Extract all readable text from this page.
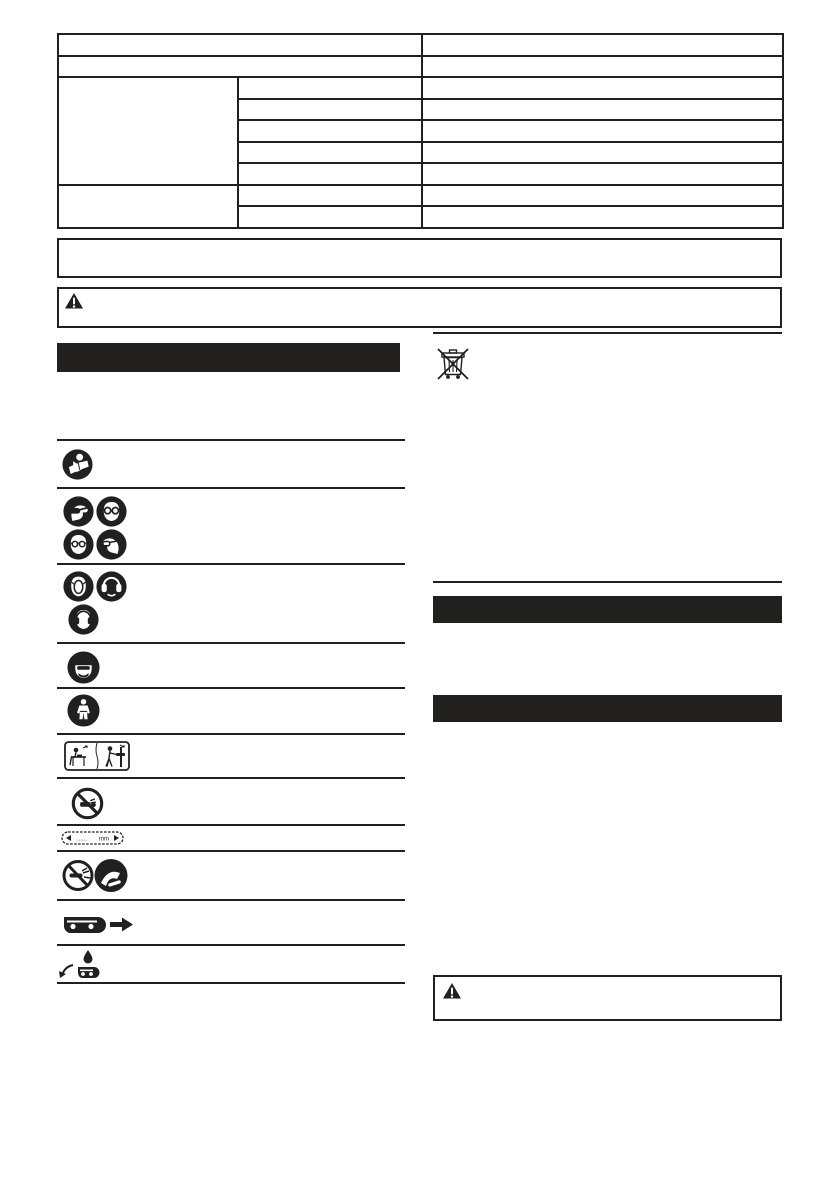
...... mm
